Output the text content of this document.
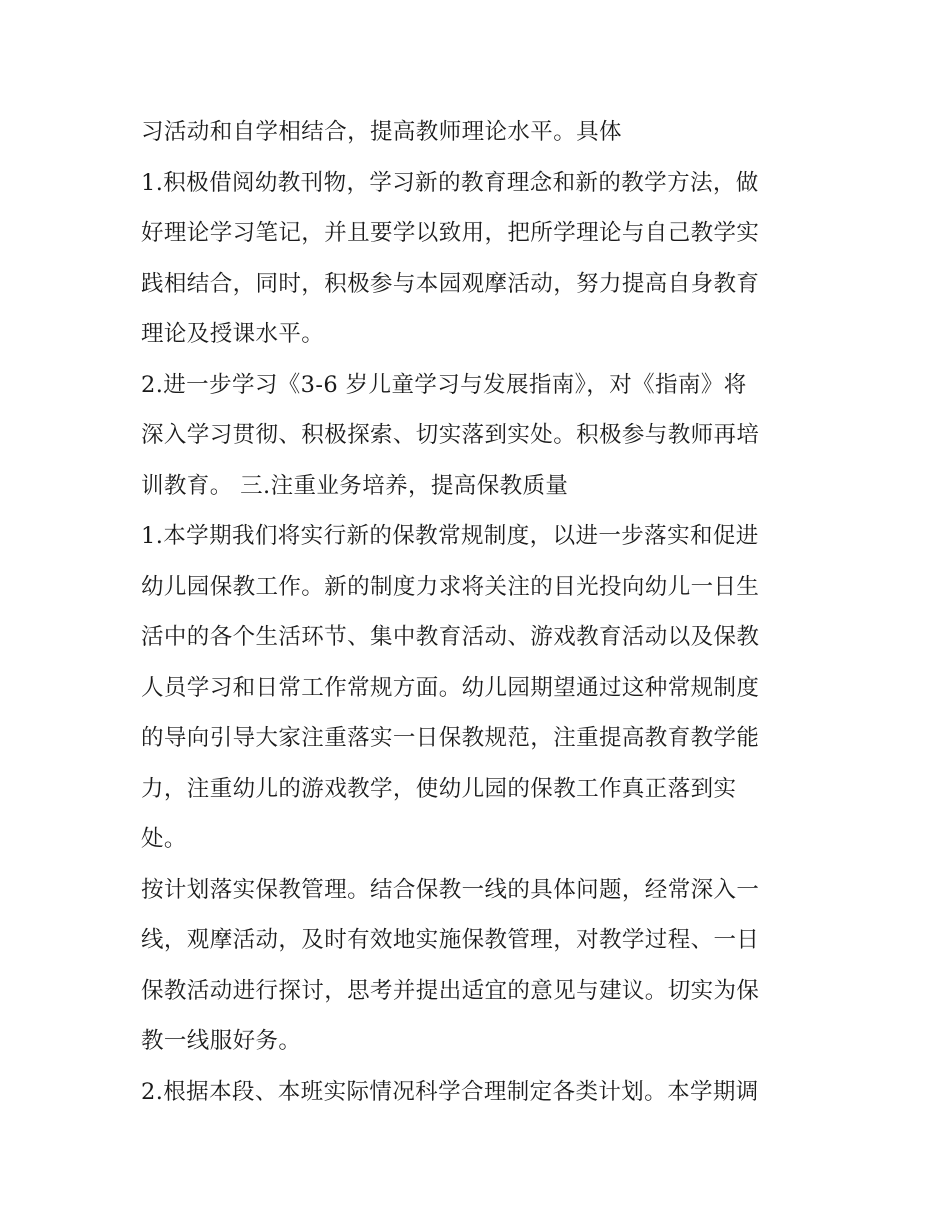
习活动和自学相结合，提高教师理论水平。具体
1.积极借阅幼教刊物，学习新的教育理念和新的教学方法，做
好理论学习笔记，并且要学以致用，把所学理论与自己教学实
践相结合，同时，积极参与本园观摩活动，努力提高自身教育
理论及授课水平。
2.进一步学习《3-6 岁儿童学习与发展指南》，对《指南》将
深入学习贯彻、积极探索、切实落到实处。积极参与教师再培
训教育。 三.注重业务培养，提高保教质量
1.本学期我们将实行新的保教常规制度，以进一步落实和促进
幼儿园保教工作。新的制度力求将关注的目光投向幼儿一日生
活中的各个生活环节、集中教育活动、游戏教育活动以及保教
人员学习和日常工作常规方面。幼儿园期望通过这种常规制度
的导向引导大家注重落实一日保教规范，注重提高教育教学能
力，注重幼儿的游戏教学，使幼儿园的保教工作真正落到实
处。
按计划落实保教管理。结合保教一线的具体问题，经常深入一
线，观摩活动，及时有效地实施保教管理，对教学过程、一日
保教活动进行探讨，思考并提出适宜的意见与建议。切实为保
教一线服好务。
2.根据本段、本班实际情况科学合理制定各类计划。本学期调
